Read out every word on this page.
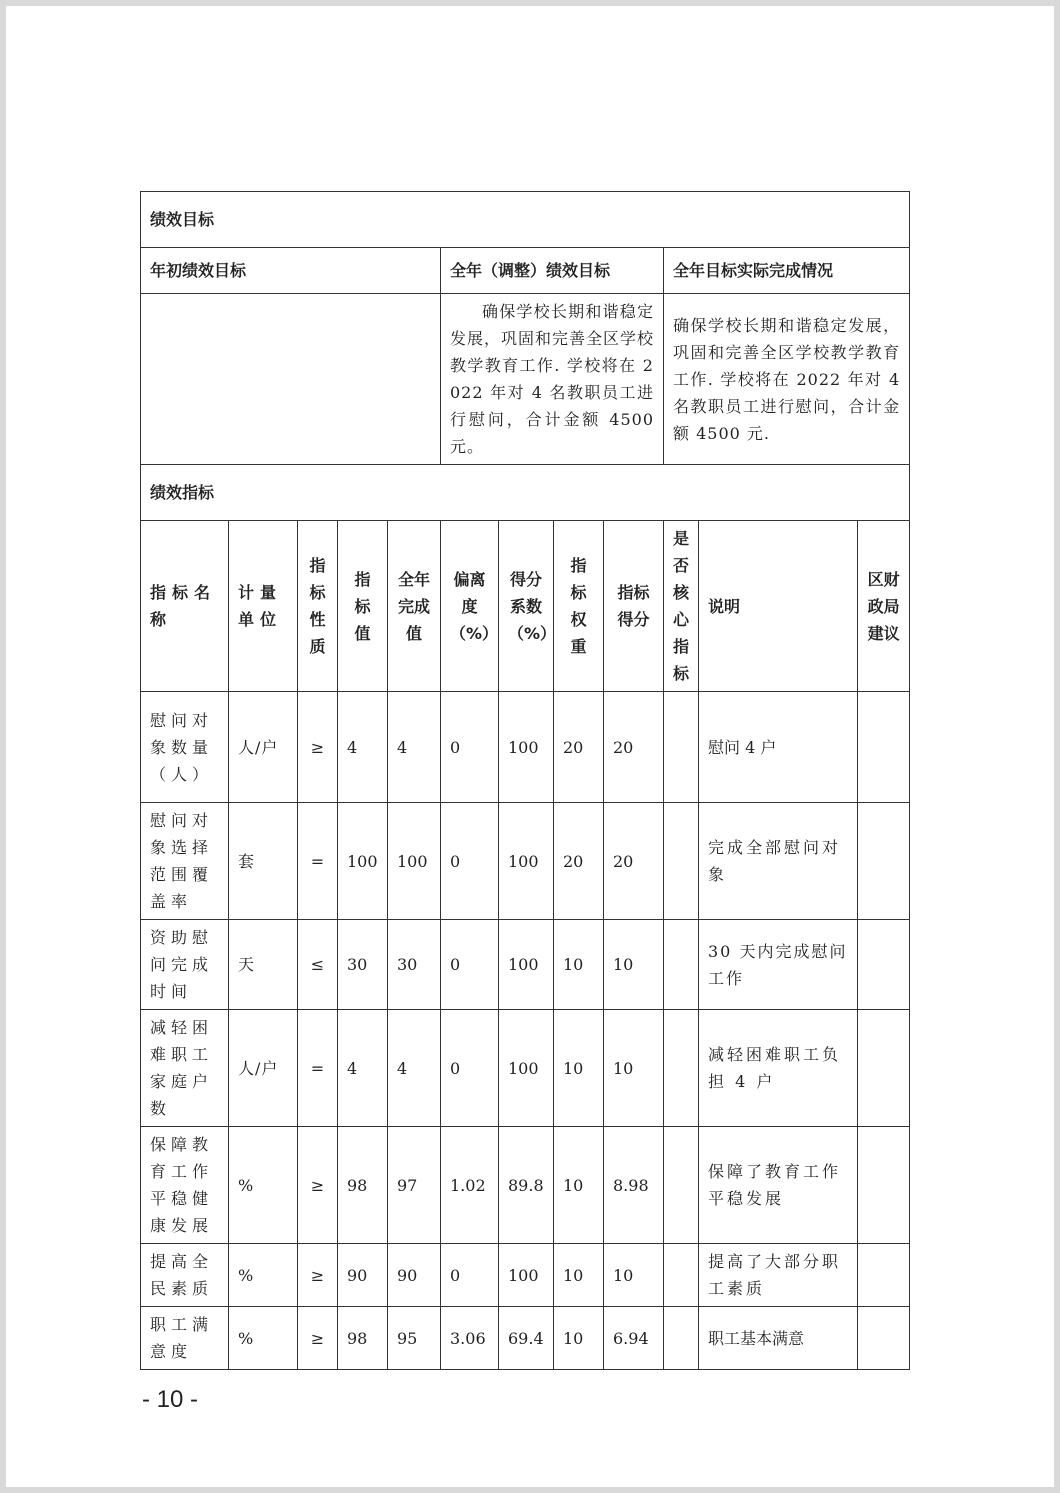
绩效目标											
年初绩效目标					全年（调整）绩效目标				全年目标实际完成情况		
					确保学校长期和谐稳定发展，巩固和完善全区学校教学教育工作. 学校将在 2022 年对 4 名教职员工进行慰问，合计金额 4500 元。				确保学校长期和谐稳定发展，巩固和完善全区学校教学教育工作. 学校将在 2022 年对 4 名教职员工进行慰问，合计金额 4500 元.		
绩效指标											
指标名称	计量单位	指标性质	指标值	全年完成值	偏离度（%）	得分系数（%）	指标权重	指标得分	是否核心指标	说明	区财政局建议
慰问对象数量（人）	人/户	≥	4	4	0	100	20	20		慰问 4 户	
慰问对象选择范围覆盖率	套	=	100	100	0	100	20	20		完成全部慰问对象	
资助慰问完成时间	天	≤	30	30	0	100	10	10		30 天内完成慰问工作	
减轻困难职工家庭户数	人/户	=	4	4	0	100	10	10		减轻困难职工负担 4 户	
保障教育工作平稳健康发展	%	≥	98	97	1.02	89.8	10	8.98		保障了教育工作平稳发展	
提高全民素质	%	≥	90	90	0	100	10	10		提高了大部分职工素质	
职工满意度	%	≥	98	95	3.06	69.4	10	6.94		职工基本满意	
- 10 -
